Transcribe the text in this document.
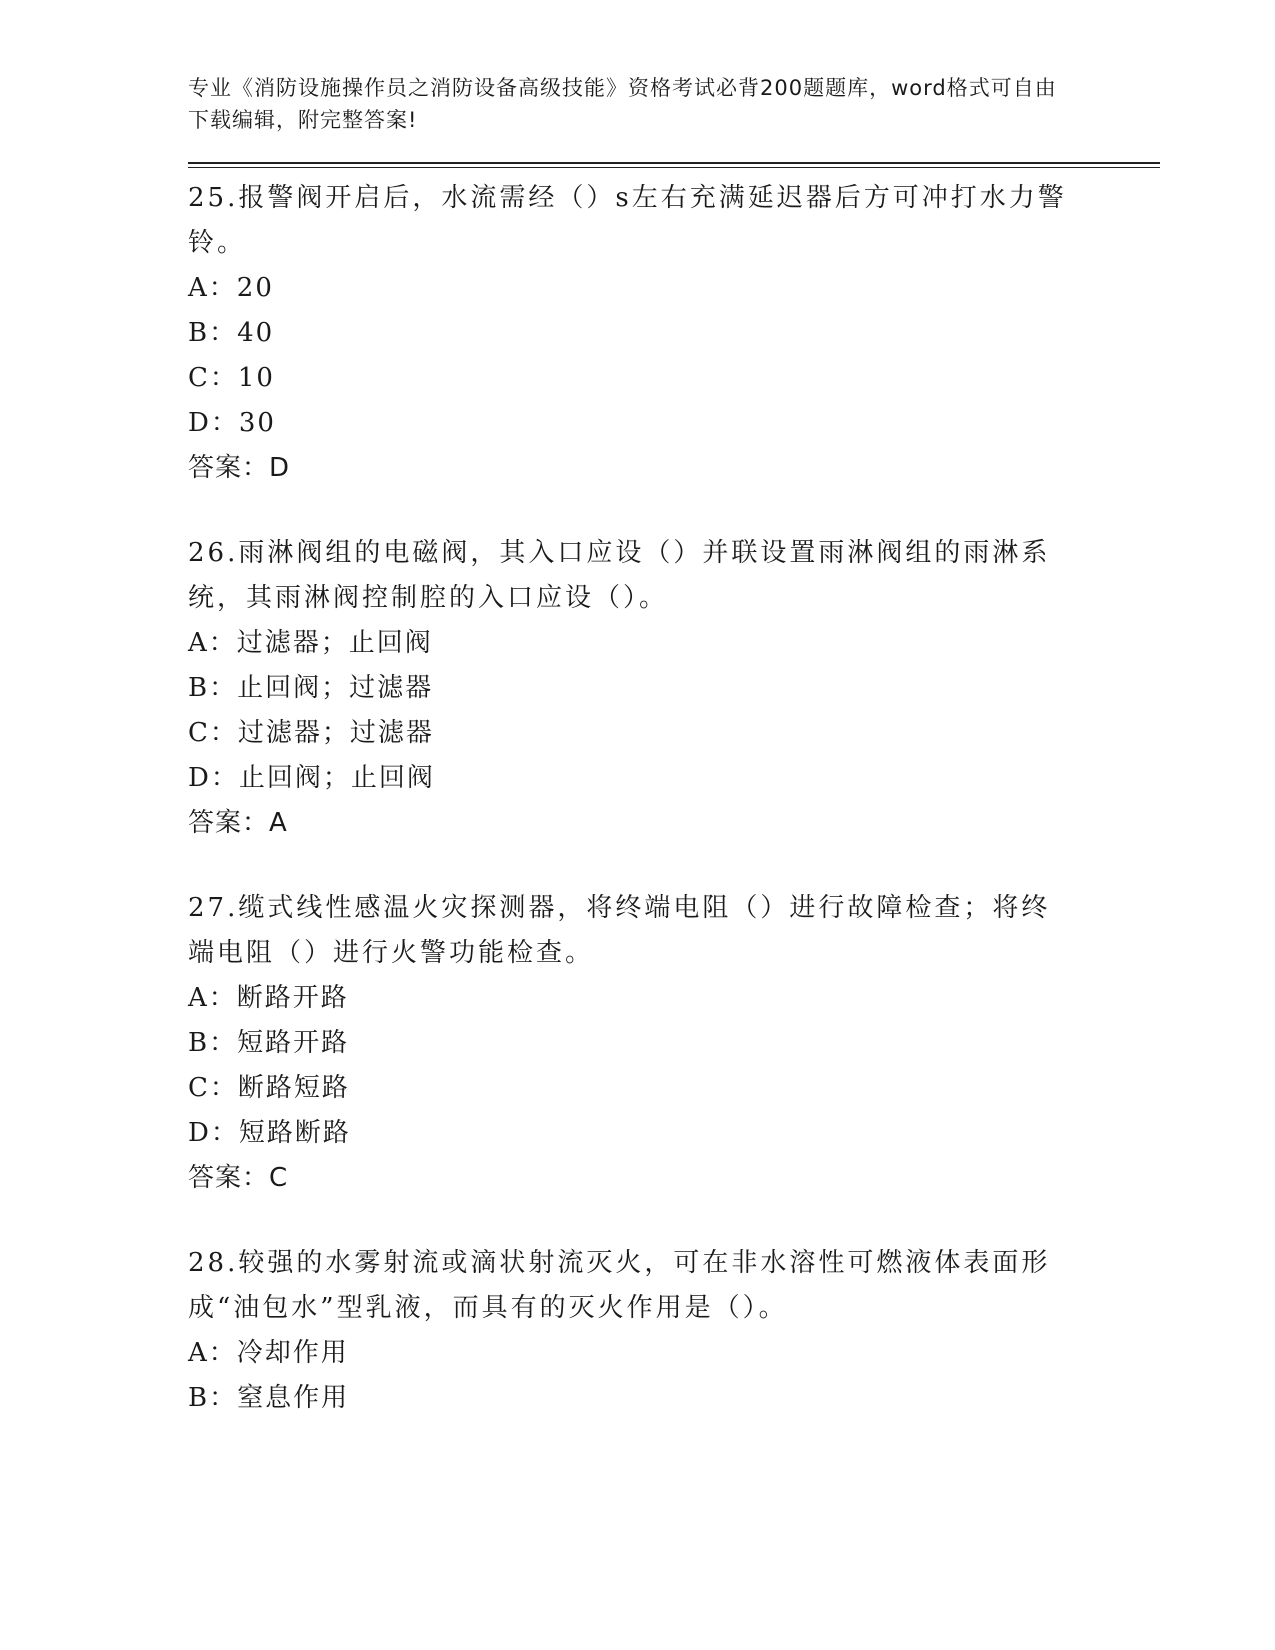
专业《消防设施操作员之消防设备高级技能》资格考试必背200题题库，word格式可自由下载编辑，附完整答案!
25.报警阀开启后，水流需经（）s左右充满延迟器后方可冲打水力警铃。
A：20
B：40
C：10
D：30
答案：D
26.雨淋阀组的电磁阀，其入口应设（）并联设置雨淋阀组的雨淋系统，其雨淋阀控制腔的入口应设（）。
A：过滤器；止回阀
B：止回阀；过滤器
C：过滤器；过滤器
D：止回阀；止回阀
答案：A
27.缆式线性感温火灾探测器，将终端电阻（）进行故障检查；将终端电阻（）进行火警功能检查。
A：断路开路
B：短路开路
C：断路短路
D：短路断路
答案：C
28.较强的水雾射流或滴状射流灭火，可在非水溶性可燃液体表面形成“油包水”型乳液，而具有的灭火作用是（）。
A：冷却作用
B：窒息作用
